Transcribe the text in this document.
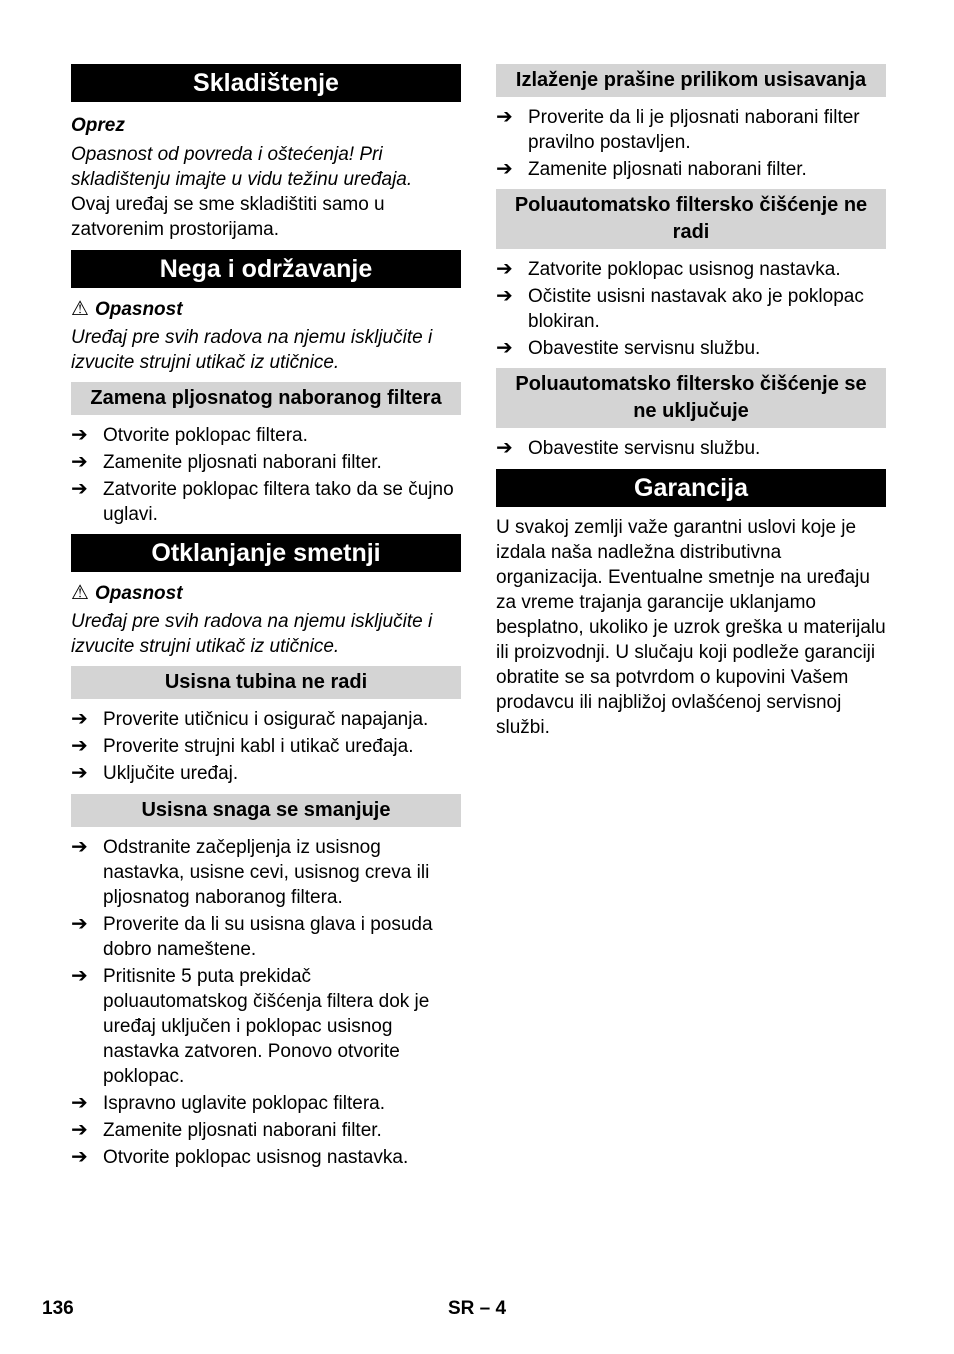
Skladištenje

Oprez

Opasnost od povreda i oštećenja! Pri skladištenju imajte u vidu težinu uređaja.

Ovaj uređaj se sme skladištiti samo u zatvorenim prostorijama.

Nega i održavanje

⚠ Opasnost

Uređaj pre svih radova na njemu isključite i izvucite strujni utikač iz utičnice.

Zamena pljosnatog naboranog filtera
➔ Otvorite poklopac filtera.
➔ Zamenite pljosnati naborani filter.
➔ Zatvorite poklopac filtera tako da se čujno uglavi.
Otklanjanje smetnji

⚠ Opasnost

Uređaj pre svih radova na njemu isključite i izvucite strujni utikač iz utičnice.

Usisna tubina ne radi
➔ Proverite utičnicu i osigurač napajanja.
➔ Proverite strujni kabl i utikač uređaja.
➔ Uključite uređaj.
Usisna snaga se smanjuje
➔ Odstranite začepljenja iz usisnog nastavka, usisne cevi, usisnog creva ili pljosnatog naboranog filtera.
➔ Proverite da li su usisna glava i posuda dobro nameštene.
➔ Pritisnite 5 puta prekidač poluautomatskog čišćenja filtera dok je uređaj uključen i poklopac usisnog nastavka zatvoren. Ponovo otvorite poklopac.
➔ Ispravno uglavite poklopac filtera.
➔ Zamenite pljosnati naborani filter.
➔ Otvorite poklopac usisnog nastavka.
Izlaženje prašine prilikom usisavanja
➔ Proverite da li je pljosnati naborani filter pravilno postavljen.
➔ Zamenite pljosnati naborani filter.
Poluautomatsko filtersko čišćenje ne radi
➔ Zatvorite poklopac usisnog nastavka.
➔ Očistite usisni nastavak ako je poklopac blokiran.
➔ Obavestite servisnu službu.
Poluautomatsko filtersko čišćenje se ne uključuje
➔ Obavestite servisnu službu.
Garancija

U svakoj zemlji važe garantni uslovi koje je izdala naša nadležna distributivna organizacija. Eventualne smetnje na uređaju za vreme trajanja garancije uklanjamo besplatno, ukoliko je uzrok greška u materijalu ili proizvodnji. U slučaju koji podleže garanciji obratite se sa potvrdom o kupovini Vašem prodavcu ili najbližoj ovlašćenoj servisnoj službi.

136	SR – 4
